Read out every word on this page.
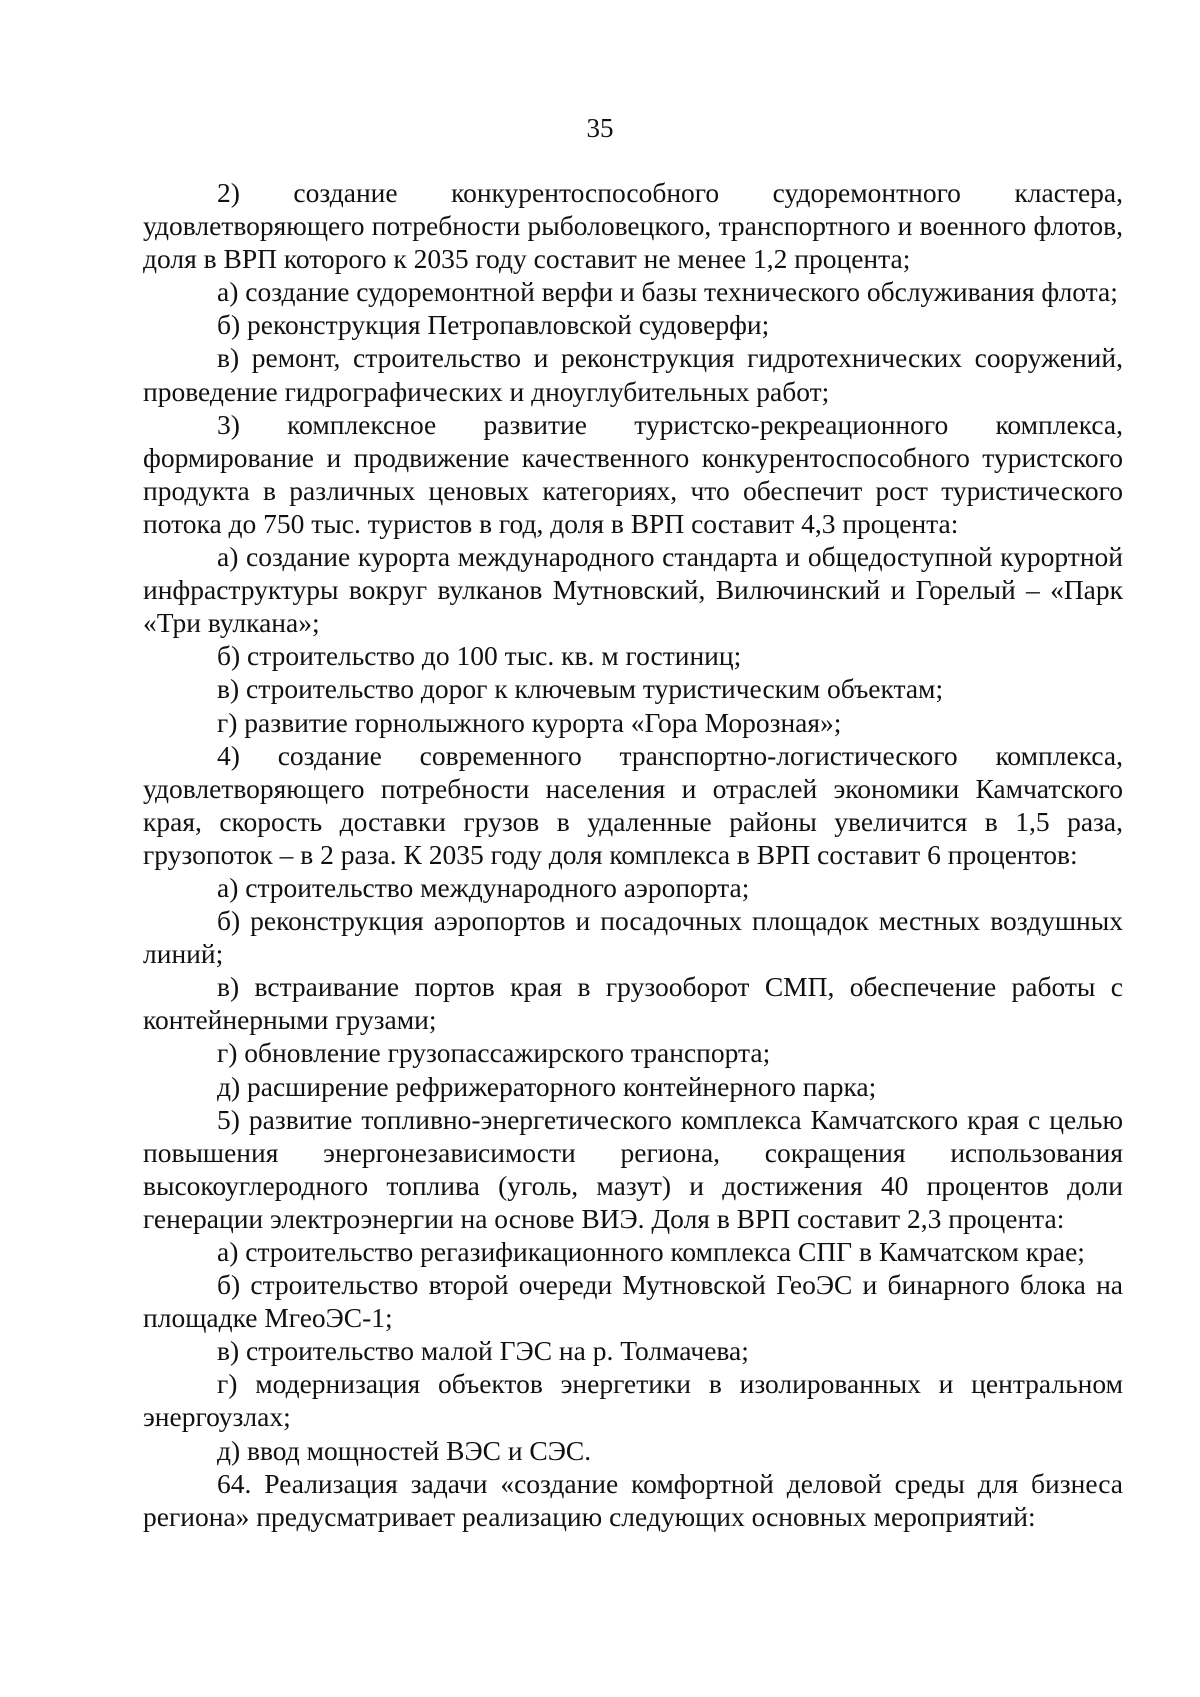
35

2) создание конкурентоспособного судоремонтного кластера, удовлетворяющего потребности рыболовецкого, транспортного и военного флотов, доля в ВРП которого к 2035 году составит не менее 1,2 процента;

а) создание судоремонтной верфи и базы технического обслуживания флота;

б) реконструкция Петропавловской судоверфи;

в) ремонт, строительство и реконструкция гидротехнических сооружений, проведение гидрографических и дноуглубительных работ;

3) комплексное развитие туристско-рекреационного комплекса, формирование и продвижение качественного конкурентоспособного туристского продукта в различных ценовых категориях, что обеспечит рост туристического потока до 750 тыс. туристов в год, доля в ВРП составит 4,3 процента:

а) создание курорта международного стандарта и общедоступной курортной инфраструктуры вокруг вулканов Мутновский, Вилючинский и Горелый – «Парк «Три вулкана»;

б) строительство до 100 тыс. кв. м гостиниц;

в) строительство дорог к ключевым туристическим объектам;

г) развитие горнолыжного курорта «Гора Морозная»;

4) создание современного транспортно-логистического комплекса, удовлетворяющего потребности населения и отраслей экономики Камчатского края, скорость доставки грузов в удаленные районы увеличится в 1,5 раза, грузопоток – в 2 раза. К 2035 году доля комплекса в ВРП составит 6 процентов:

а) строительство международного аэропорта;

б) реконструкция аэропортов и посадочных площадок местных воздушных линий;

в) встраивание портов края в грузооборот СМП, обеспечение работы с контейнерными грузами;

г) обновление грузопассажирского транспорта;

д) расширение рефрижераторного контейнерного парка;

5) развитие топливно-энергетического комплекса Камчатского края с целью повышения энергонезависимости региона, сокращения использования высокоуглеродного топлива (уголь, мазут) и достижения 40 процентов доли генерации электроэнергии на основе ВИЭ. Доля в ВРП составит 2,3 процента:

а) строительство регазификационного комплекса СПГ в Камчатском крае;

б) строительство второй очереди Мутновской ГеоЭС и бинарного блока на площадке МгеоЭС-1;

в) строительство малой ГЭС на р. Толмачева;

г) модернизация объектов энергетики в изолированных и центральном энергоузлах;

д) ввод мощностей ВЭС и СЭС.

64. Реализация задачи «создание комфортной деловой среды для бизнеса региона» предусматривает реализацию следующих основных мероприятий:
